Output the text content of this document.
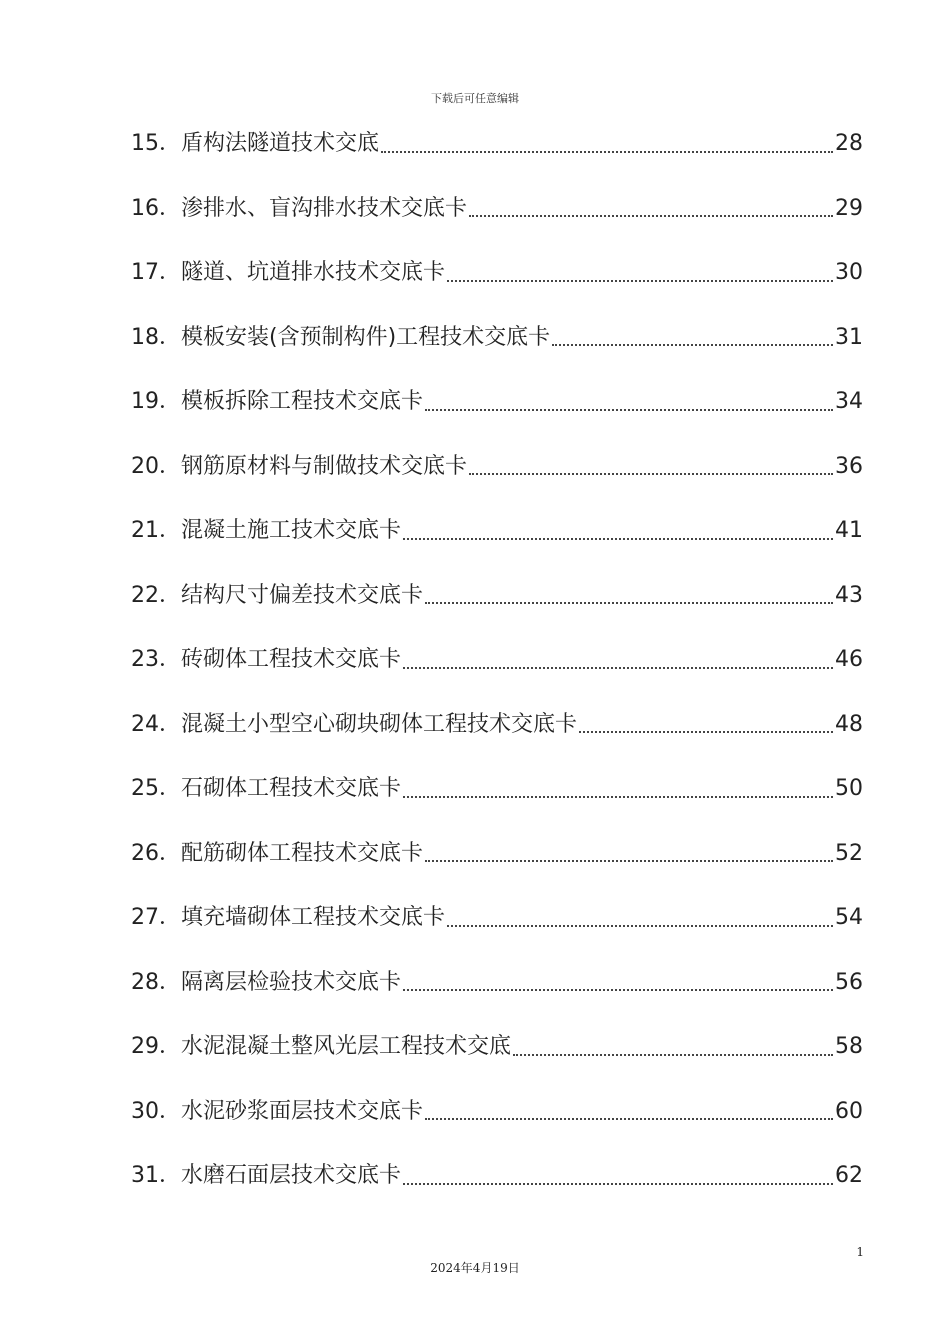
下载后可任意编辑
15． 盾构法隧道技术交底	28
16． 渗排水、盲沟排水技术交底卡	29
17． 隧道、坑道排水技术交底卡	30
18． 模板安装(含预制构件)工程技术交底卡	31
19． 模板拆除工程技术交底卡	34
20． 钢筋原材料与制做技术交底卡	36
21． 混凝土施工技术交底卡	41
22． 结构尺寸偏差技术交底卡	43
23． 砖砌体工程技术交底卡	46
24． 混凝土小型空心砌块砌体工程技术交底卡	48
25． 石砌体工程技术交底卡	50
26． 配筋砌体工程技术交底卡	52
27． 填充墙砌体工程技术交底卡	54
28． 隔离层检验技术交底卡	56
29． 水泥混凝土整风光层工程技术交底	58
30． 水泥砂浆面层技术交底卡	60
31． 水磨石面层技术交底卡	62
1
2024年4月19日
